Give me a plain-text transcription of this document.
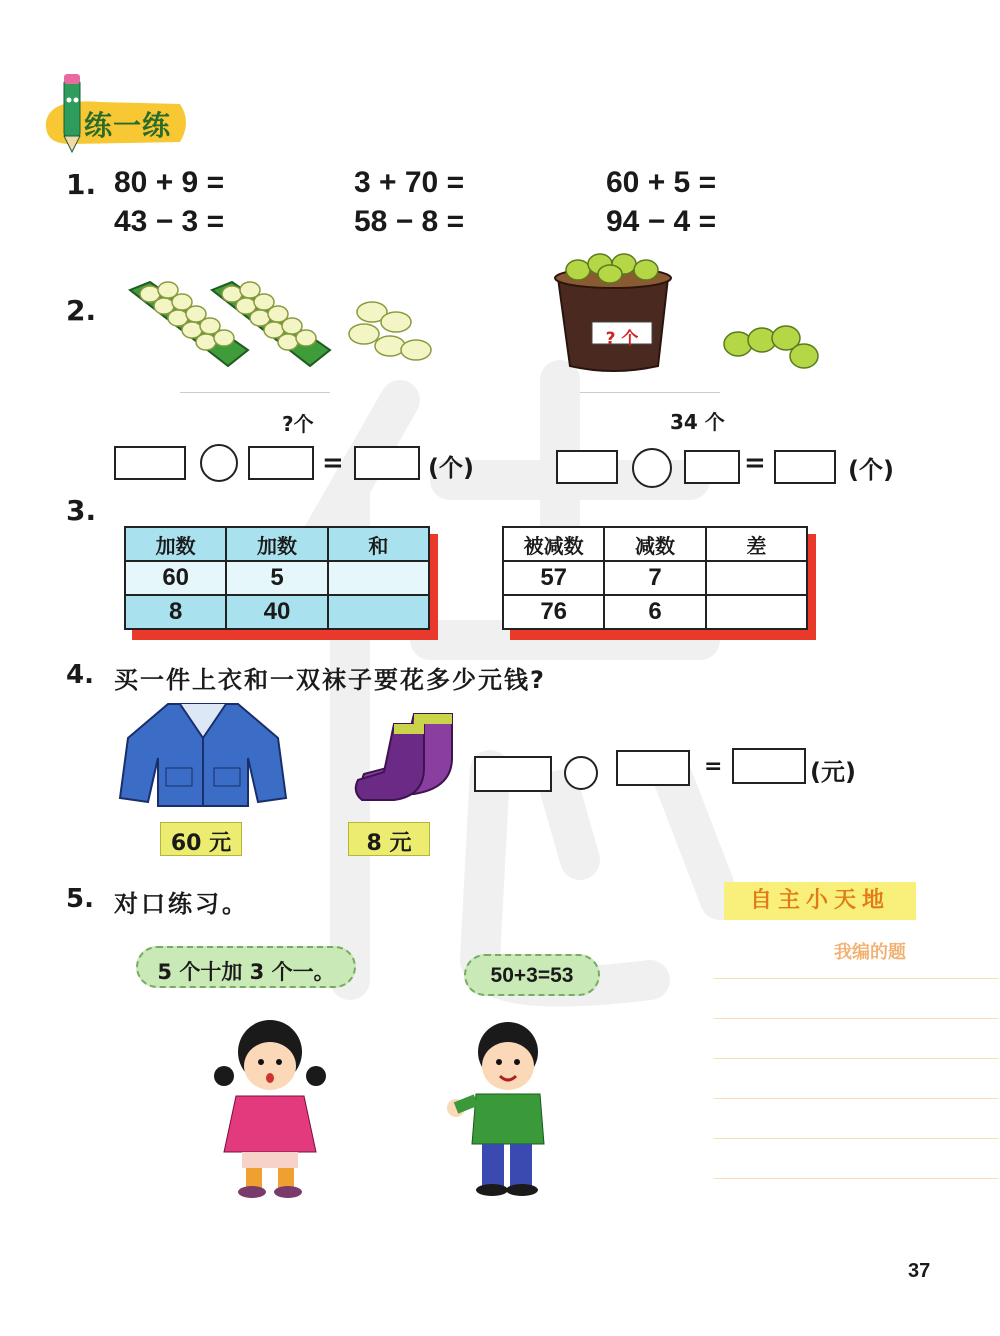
练一练
1. 80 + 9 =	3 + 70 =	60 + 5 =
43 − 3 =	58 − 8 =	94 − 4 =
2.
?个
? 个
34 个
=	(个)	=	(个)
3.
加数	加数	和
60	5	
8	40	
被减数	减数	差
57	7	
76	6	
4. 买一件上衣和一双袜子要花多少元钱?
60 元	8 元
=	(元)
5. 对口练习。
5 个十加 3 个一。	50+3=53
自主小天地
我编的题
37
